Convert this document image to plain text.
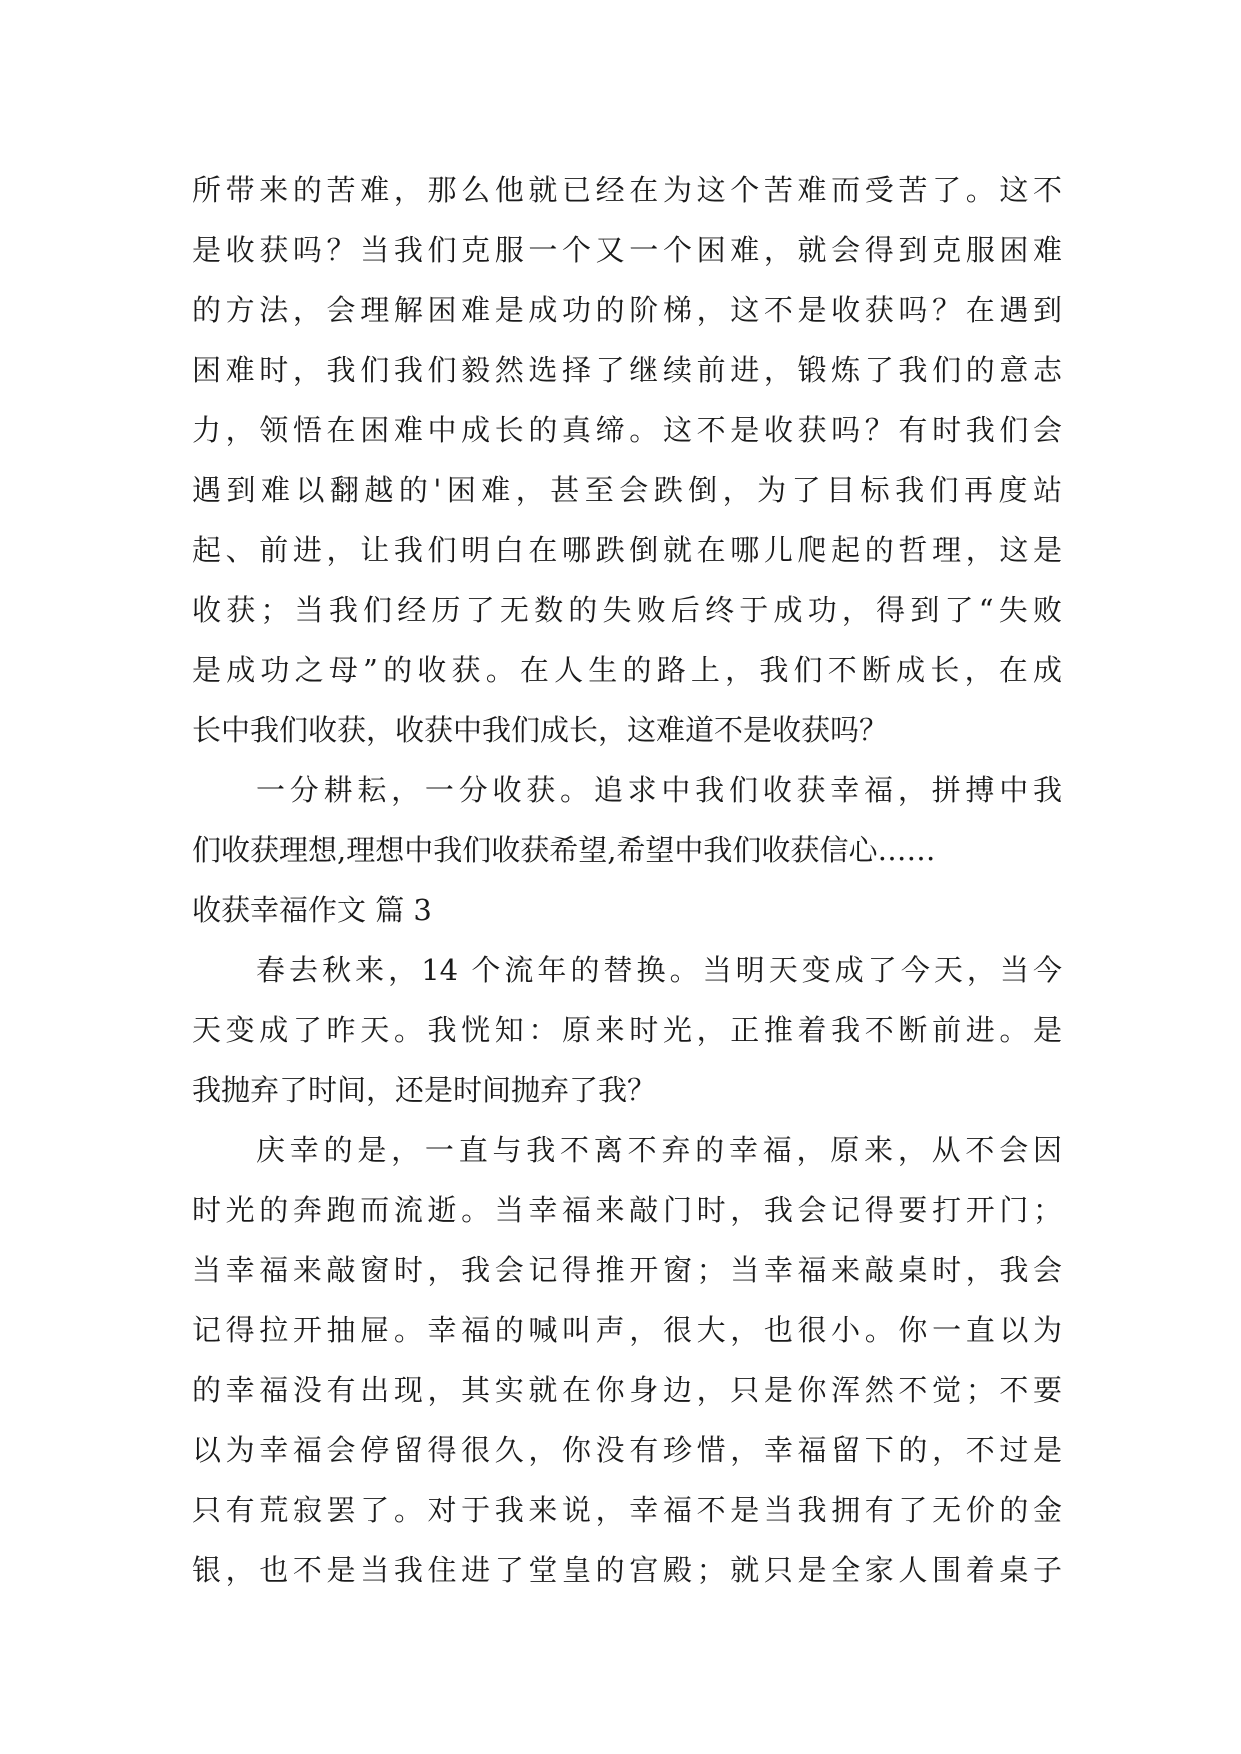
所带来的苦难，那么他就已经在为这个苦难而受苦了。这不
是收获吗？当我们克服一个又一个困难，就会得到克服困难
的方法，会理解困难是成功的阶梯，这不是收获吗？在遇到
困难时，我们我们毅然选择了继续前进，锻炼了我们的意志
力，领悟在困难中成长的真缔。这不是收获吗？有时我们会
遇到难以翻越的'困难，甚至会跌倒，为了目标我们再度站
起、前进，让我们明白在哪跌倒就在哪儿爬起的哲理，这是
收获；当我们经历了无数的失败后终于成功，得到了“失败
是成功之母”的收获。在人生的路上，我们不断成长，在成
长中我们收获，收获中我们成长，这难道不是收获吗？
一分耕耘，一分收获。追求中我们收获幸福，拼搏中我
们收获理想,理想中我们收获希望,希望中我们收获信心……
收获幸福作文 篇 3
春去秋来，14 个流年的替换。当明天变成了今天，当今
天变成了昨天。我恍知：原来时光，正推着我不断前进。是
我抛弃了时间，还是时间抛弃了我？
庆幸的是，一直与我不离不弃的幸福，原来，从不会因
时光的奔跑而流逝。当幸福来敲门时，我会记得要打开门；
当幸福来敲窗时，我会记得推开窗；当幸福来敲桌时，我会
记得拉开抽屉。幸福的喊叫声，很大，也很小。你一直以为
的幸福没有出现，其实就在你身边，只是你浑然不觉；不要
以为幸福会停留得很久，你没有珍惜，幸福留下的，不过是
只有荒寂罢了。对于我来说，幸福不是当我拥有了无价的金
银，也不是当我住进了堂皇的宫殿；就只是全家人围着桌子
